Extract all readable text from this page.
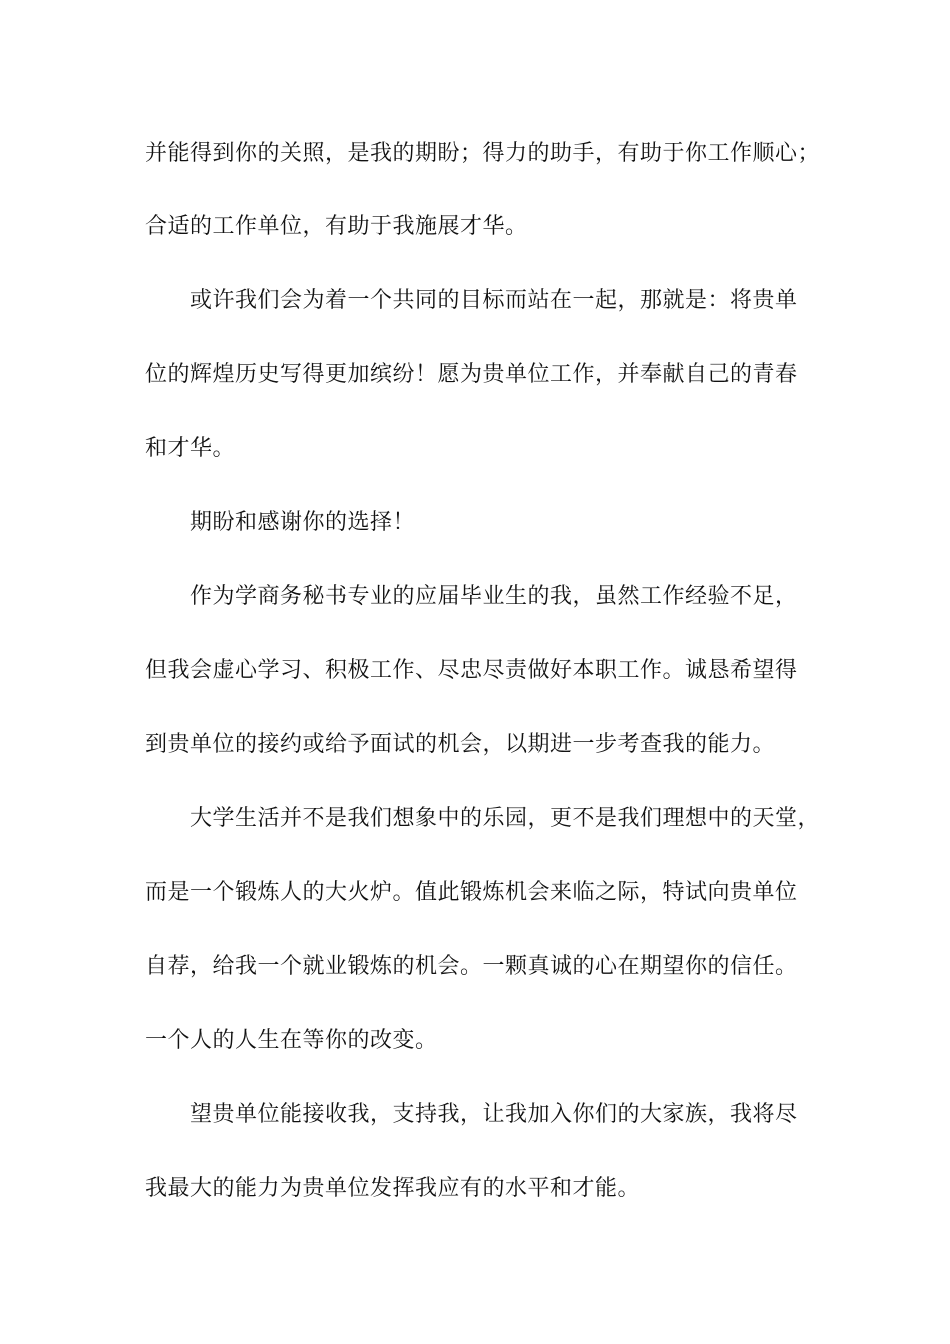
并能得到你的关照，是我的期盼；得力的助手，有助于你工作顺心；
合适的工作单位，有助于我施展才华。
或许我们会为着一个共同的目标而站在一起，那就是：将贵单
位的辉煌历史写得更加缤纷！愿为贵单位工作，并奉献自己的青春
和才华。
期盼和感谢你的选择！
作为学商务秘书专业的应届毕业生的我，虽然工作经验不足，
但我会虚心学习、积极工作、尽忠尽责做好本职工作。诚恳希望得
到贵单位的接约或给予面试的机会，以期进一步考查我的能力。
大学生活并不是我们想象中的乐园，更不是我们理想中的天堂，
而是一个锻炼人的大火炉。值此锻炼机会来临之际，特试向贵单位
自荐，给我一个就业锻炼的机会。一颗真诚的心在期望你的信任。
一个人的人生在等你的改变。
望贵单位能接收我，支持我，让我加入你们的大家族，我将尽
我最大的能力为贵单位发挥我应有的水平和才能。
